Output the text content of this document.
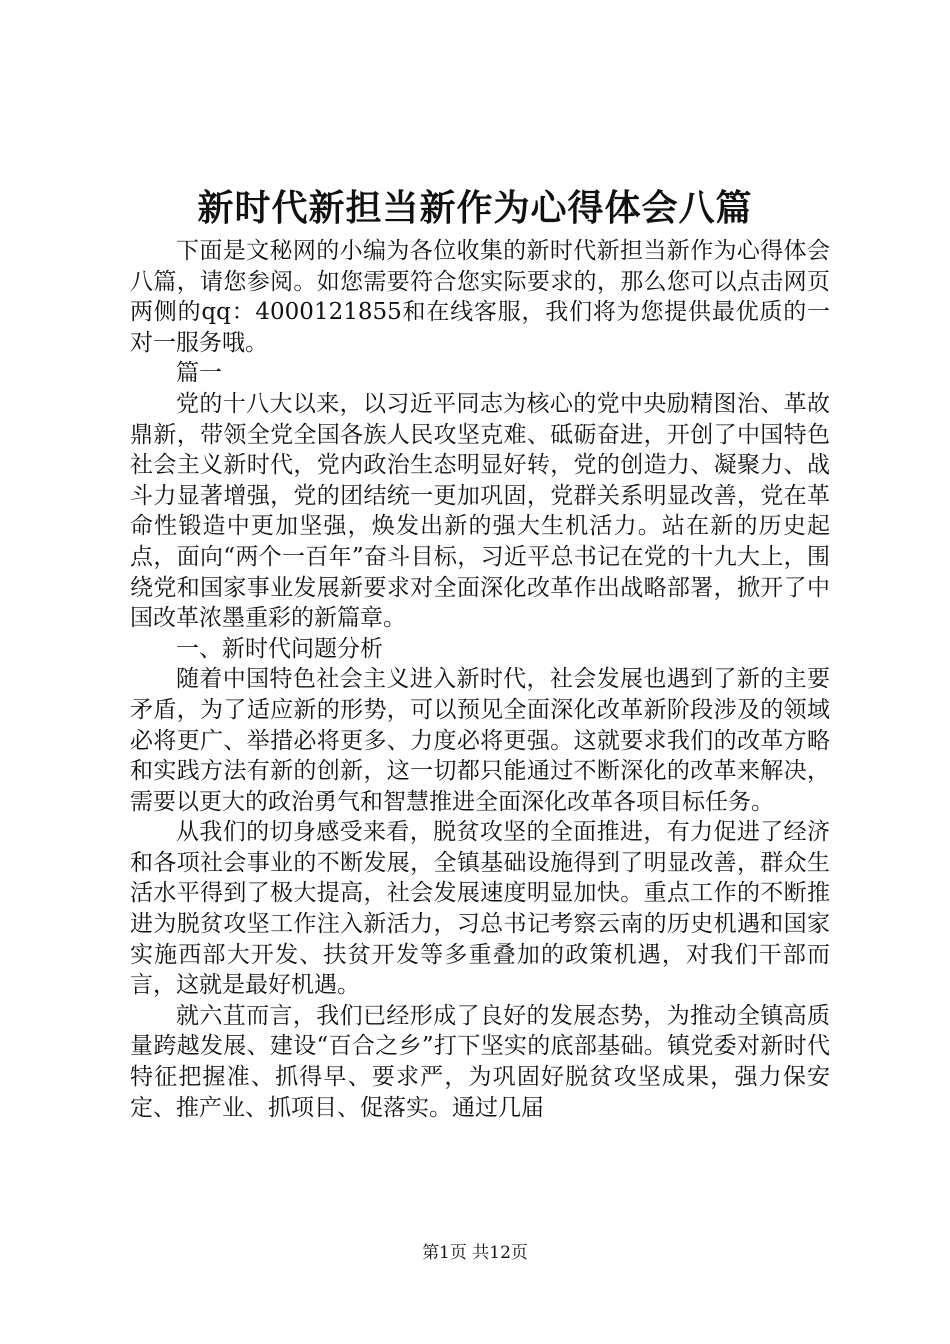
新时代新担当新作为心得体会八篇

下面是文秘网的小编为各位收集的新时代新担当新作为心得体会八篇，请您参阅。如您需要符合您实际要求的，那么您可以点击网页两侧的qq：4000121855和在线客服，我们将为您提供最优质的一对一服务哦。

篇一

党的十八大以来，以习近平同志为核心的党中央励精图治、革故鼎新，带领全党全国各族人民攻坚克难、砥砺奋进，开创了中国特色社会主义新时代，党内政治生态明显好转，党的创造力、凝聚力、战斗力显著增强，党的团结统一更加巩固，党群关系明显改善，党在革命性锻造中更加坚强，焕发出新的强大生机活力。站在新的历史起点，面向“两个一百年”奋斗目标，习近平总书记在党的十九大上，围绕党和国家事业发展新要求对全面深化改革作出战略部署，掀开了中国改革浓墨重彩的新篇章。

一、新时代问题分析

随着中国特色社会主义进入新时代，社会发展也遇到了新的主要矛盾，为了适应新的形势，可以预见全面深化改革新阶段涉及的领域必将更广、举措必将更多、力度必将更强。这就要求我们的改革方略和实践方法有新的创新，这一切都只能通过不断深化的改革来解决，需要以更大的政治勇气和智慧推进全面深化改革各项目标任务。

从我们的切身感受来看，脱贫攻坚的全面推进，有力促进了经济和各项社会事业的不断发展，全镇基础设施得到了明显改善，群众生活水平得到了极大提高，社会发展速度明显加快。重点工作的不断推进为脱贫攻坚工作注入新活力，习总书记考察云南的历史机遇和国家实施西部大开发、扶贫开发等多重叠加的政策机遇，对我们干部而言，这就是最好机遇。

就六苴而言，我们已经形成了良好的发展态势，为推动全镇高质量跨越发展、建设“百合之乡”打下坚实的底部基础。镇党委对新时代特征把握准、抓得早、要求严，为巩固好脱贫攻坚成果，强力保安定、推产业、抓项目、促落实。通过几届

第1页 共12页
